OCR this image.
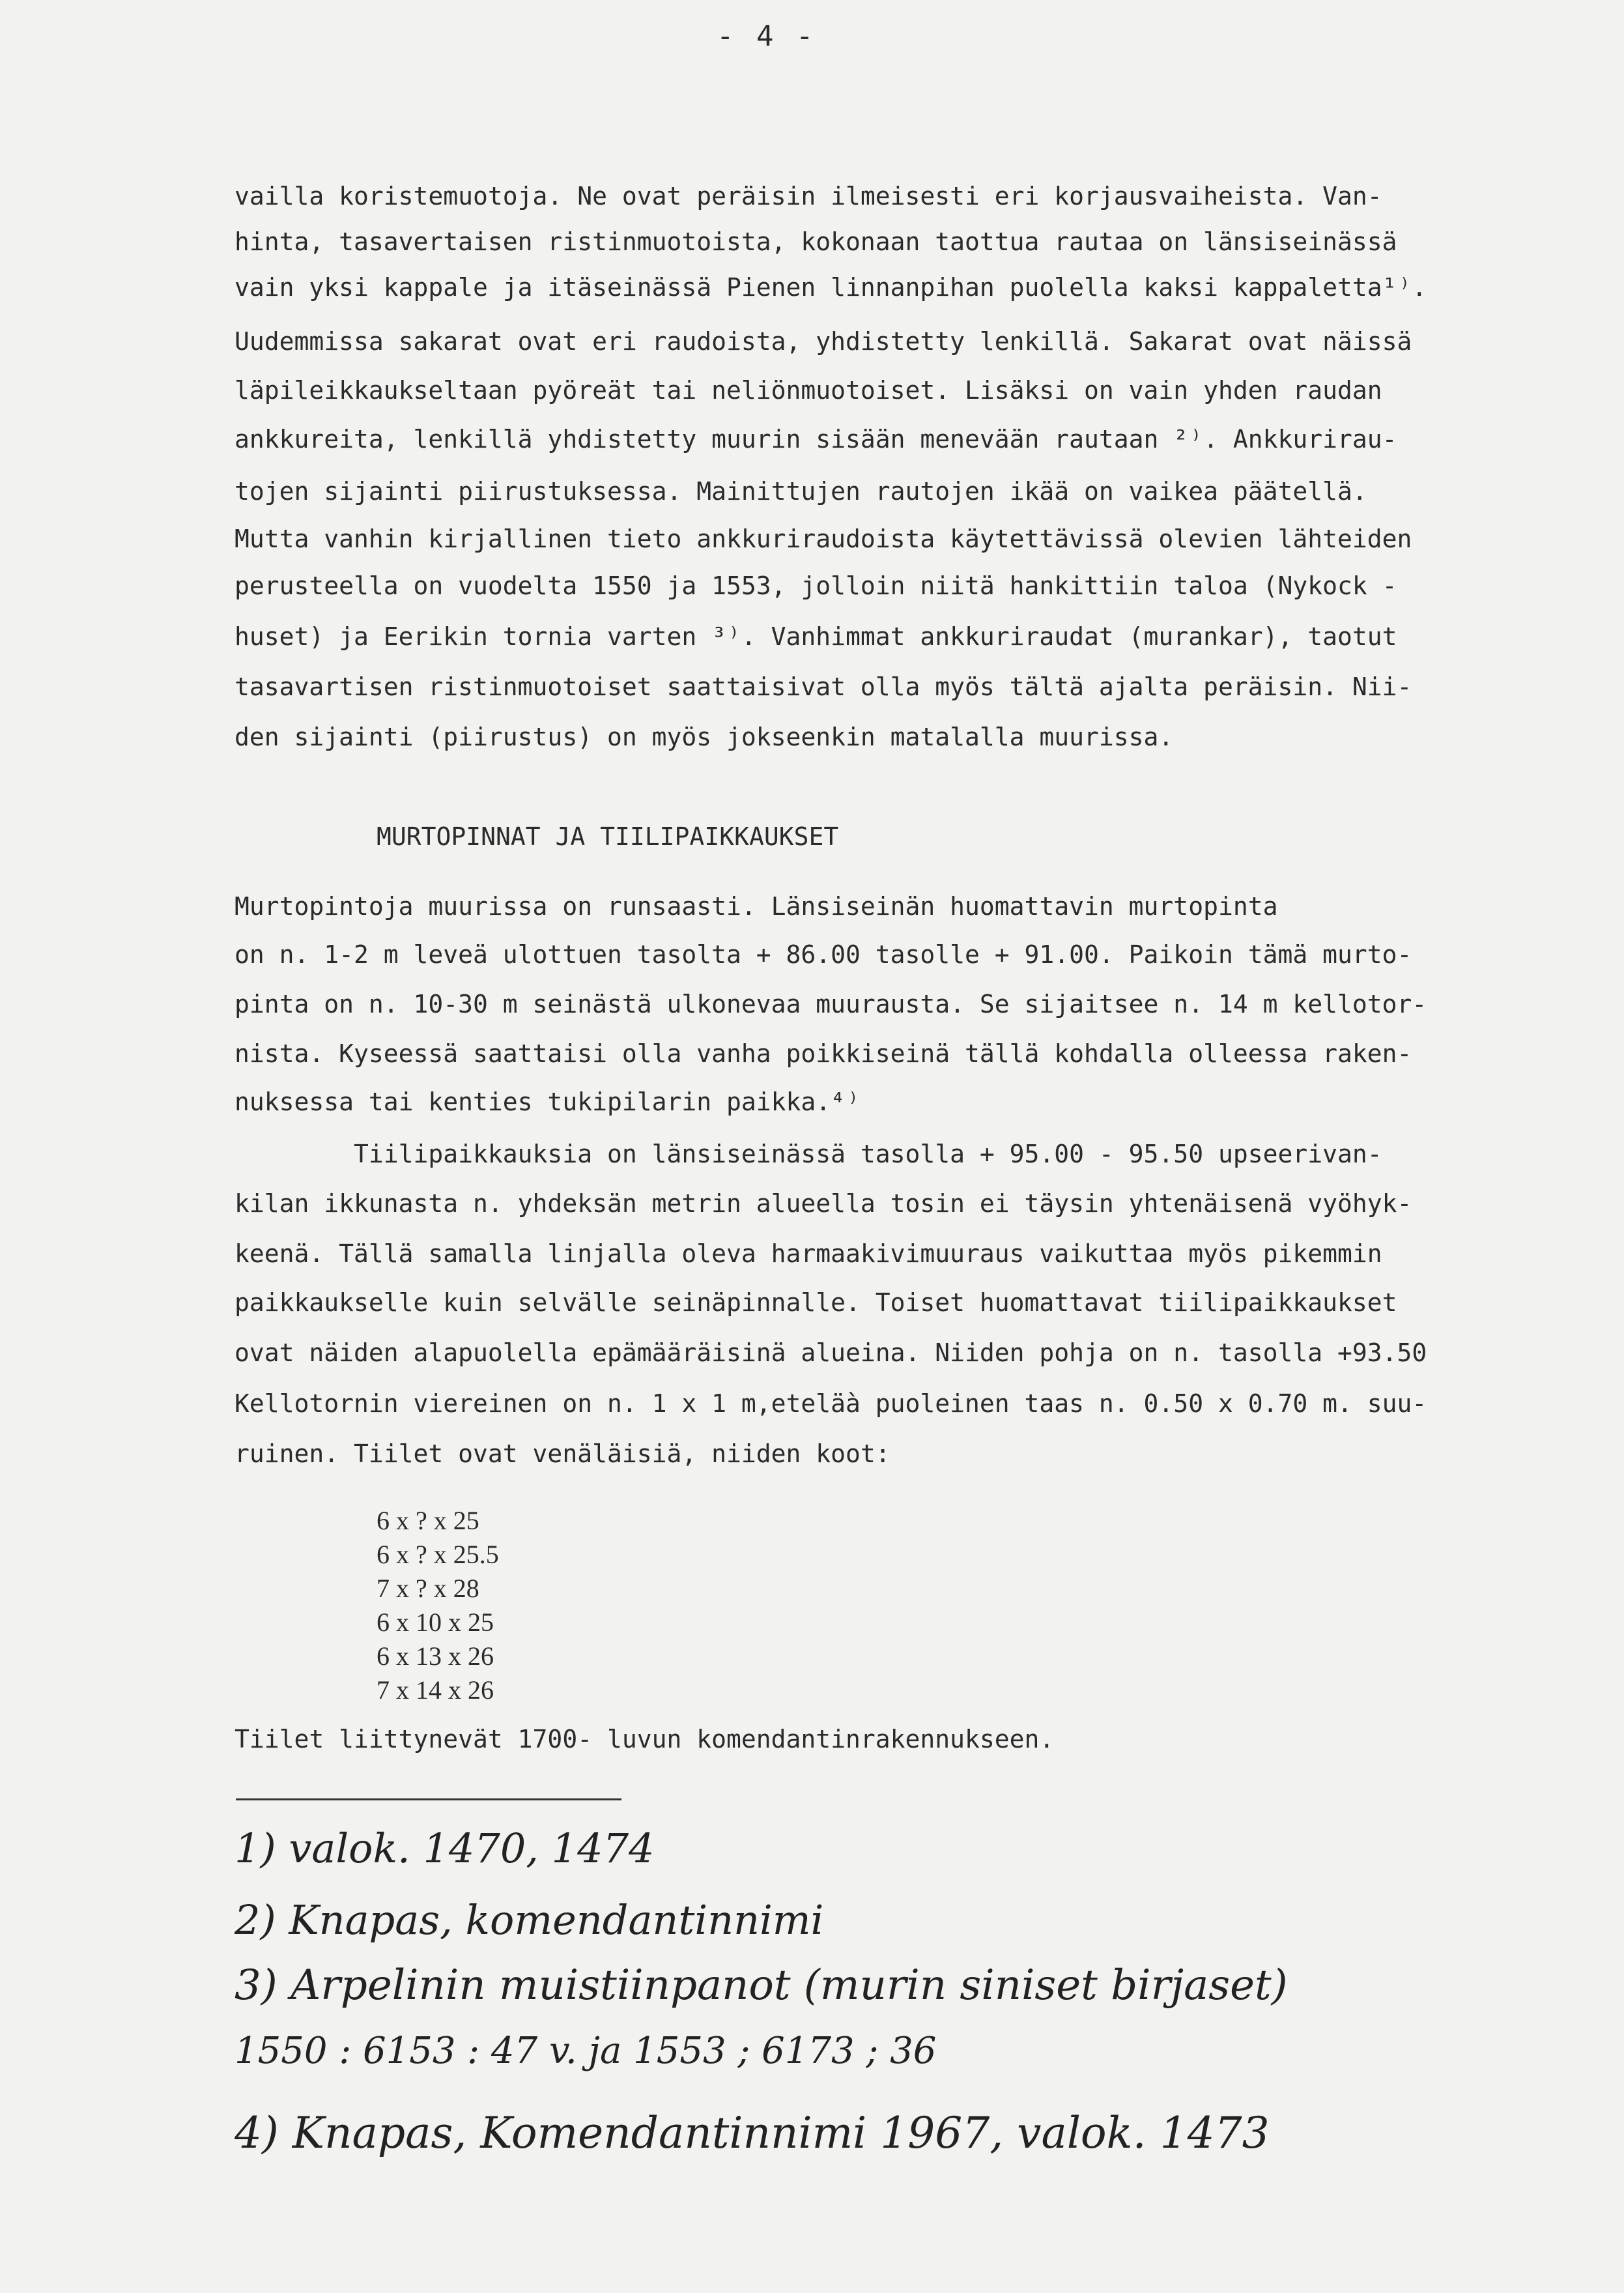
- 4 -
vailla koristemuotoja. Ne ovat peräisin ilmeisesti eri korjausvaiheista. Van-
hinta, tasavertaisen ristinmuotoista, kokonaan taottua rautaa on länsiseinässä
vain yksi kappale ja itäseinässä Pienen linnanpihan puolella kaksi kappaletta¹⁾.
Uudemmissa sakarat ovat eri raudoista, yhdistetty lenkillä. Sakarat ovat näissä
läpileikkaukseltaan pyöreät tai neliönmuotoiset. Lisäksi on vain yhden raudan
ankkureita, lenkillä yhdistetty muurin sisään menevään rautaan ²⁾. Ankkurirau-
tojen sijainti piirustuksessa. Mainittujen rautojen ikää on vaikea päätellä.
Mutta vanhin kirjallinen tieto ankkuriraudoista käytettävissä olevien lähteiden
perusteella on vuodelta 1550 ja 1553, jolloin niitä hankittiin taloa (Nykock -
huset) ja Eerikin tornia varten ³⁾. Vanhimmat ankkuriraudat (murankar), taotut
tasavartisen ristinmuotoiset saattaisivat olla myös tältä ajalta peräisin. Nii-
den sijainti (piirustus) on myös jokseenkin matalalla muurissa.
MURTOPINNAT JA TIILIPAIKKAUKSET
Murtopintoja muurissa on runsaasti. Länsiseinän huomattavin murtopinta
on n. 1-2 m leveä ulottuen tasolta + 86.00 tasolle + 91.00. Paikoin tämä murto-
pinta on n. 10-30 m seinästä ulkonevaa muurausta. Se sijaitsee n. 14 m kellotor-
nista. Kyseessä saattaisi olla vanha poikkiseinä tällä kohdalla olleessa raken-
nuksessa tai kenties tukipilarin paikka.⁴⁾
Tiilipaikkauksia on länsiseinässä tasolla + 95.00 - 95.50 upseerivan-
kilan ikkunasta n. yhdeksän metrin alueella tosin ei täysin yhtenäisenä vyöhyk-
keenä. Tällä samalla linjalla oleva harmaakivimuuraus vaikuttaa myös pikemmin
paikkaukselle kuin selvälle seinäpinnalle. Toiset huomattavat tiilipaikkaukset
ovat näiden alapuolella epämääräisinä alueina. Niiden pohja on n. tasolla +93.50
Kellotornin viereinen on n. 1 x 1 m,eteläà puoleinen taas n. 0.50 x 0.70 m. suu-
ruinen. Tiilet ovat venäläisiä, niiden koot:
6 x ? x 25
6 x ? x 25.5
7 x ? x 28
6 x 10 x 25
6 x 13 x 26
7 x 14 x 26
Tiilet liittynevät 1700- luvun komendantinrakennukseen.
1) valok. 1470, 1474
2) Knapas, komendantinnimi
3) Arpelinin muistiinpanot (murin siniset birjaset)
1550 : 6153 : 47 v. ja 1553 ; 6173 ; 36
4) Knapas, Komendantinnimi 1967, valok. 1473
